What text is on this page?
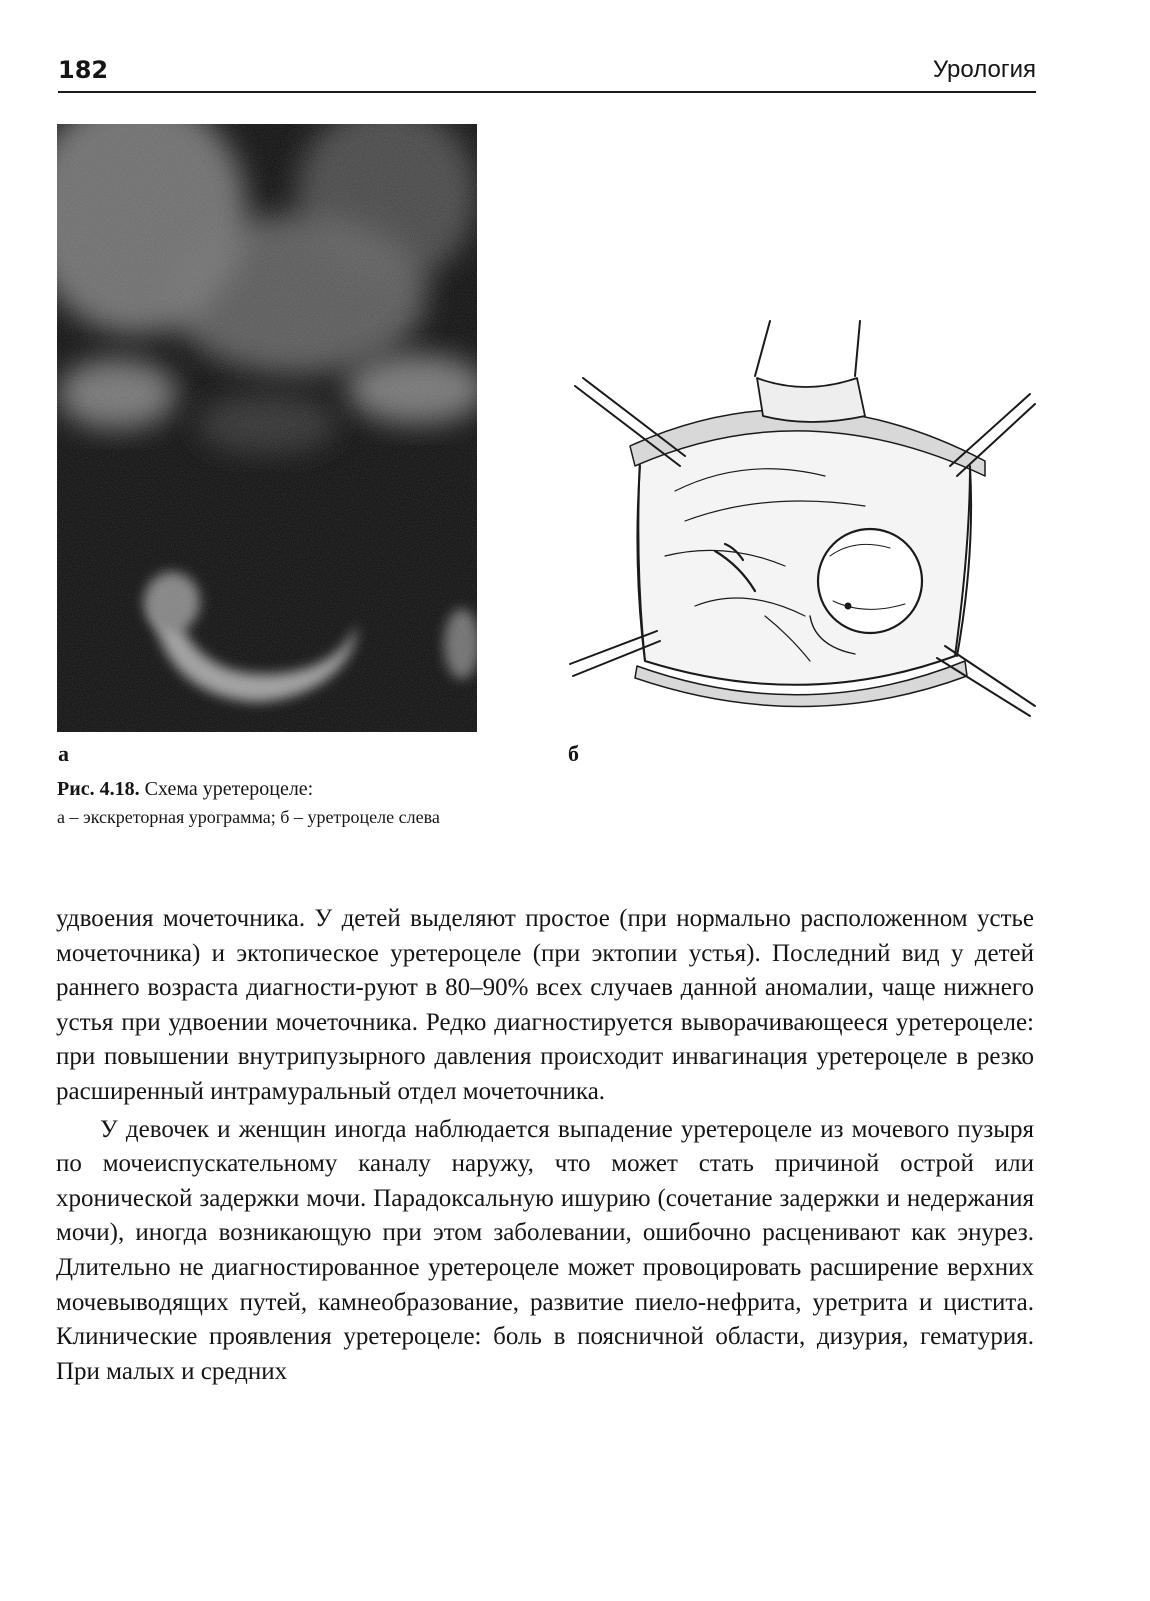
182	Урология
а	б
Рис. 4.18. Схема уретероцеле:
а – экскреторная урограмма; б – уретроцеле слева

удвоения мочеточника. У детей выделяют простое (при нормально расположенном устье мочеточника) и эктопическое уретероцеле (при эктопии устья). Последний вид у детей раннего возраста диагности-руют в 80–90% всех случаев данной аномалии, чаще нижнего устья при удвоении мочеточника. Редко диагностируется выворачивающееся уретероцеле: при повышении внутрипузырного давления происходит инвагинация уретероцеле в резко расширенный интрамуральный отдел мочеточника.

У девочек и женщин иногда наблюдается выпадение уретероцеле из мочевого пузыря по мочеиспускательному каналу наружу, что может стать причиной острой или хронической задержки мочи. Парадоксальную ишурию (сочетание задержки и недержания мочи), иногда возникающую при этом заболевании, ошибочно расценивают как энурез. Длительно не диагностированное уретероцеле может провоцировать расширение верхних мочевыводящих путей, камнеобразование, развитие пиело-нефрита, уретрита и цистита. Клинические проявления уретероцеле: боль в поясничной области, дизурия, гематурия. При малых и средних
